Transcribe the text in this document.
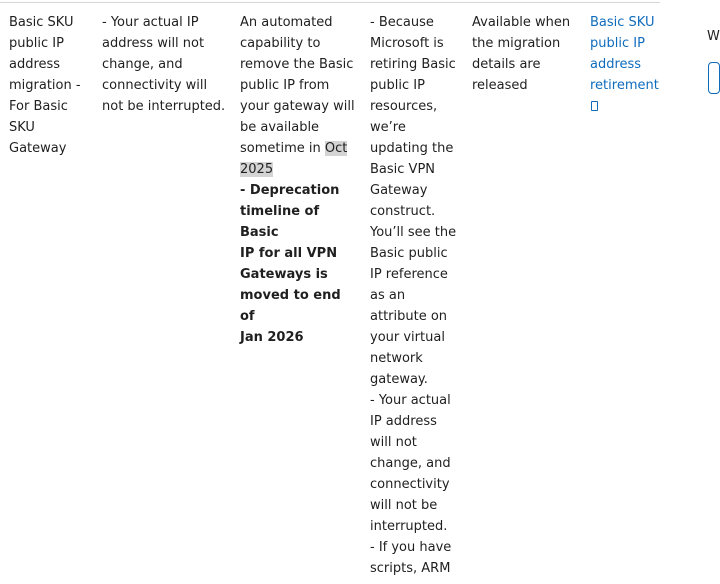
Basic SKU
public IP
address
migration -
For Basic
SKU
Gateway
- Your actual IP
address will not
change, and
connectivity will
not be interrupted.
An automated
capability to
remove the Basic
public IP from
your gateway will
be available
sometime in Oct
2025
- Deprecation
timeline of Basic
IP for all VPN
Gateways is
moved to end of
Jan 2026
- Because
Microsoft is
retiring Basic
public IP
resources,
we’re
updating the
Basic VPN
Gateway
construct.
You’ll see the
Basic public
IP reference
as an
attribute on
your virtual
network
gateway.
- Your actual
IP address
will not
change, and
connectivity
will not be
interrupted.
- If you have
scripts, ARM
Available when
the migration
details are
released
Basic SKU
public IP
address
retirement
W
